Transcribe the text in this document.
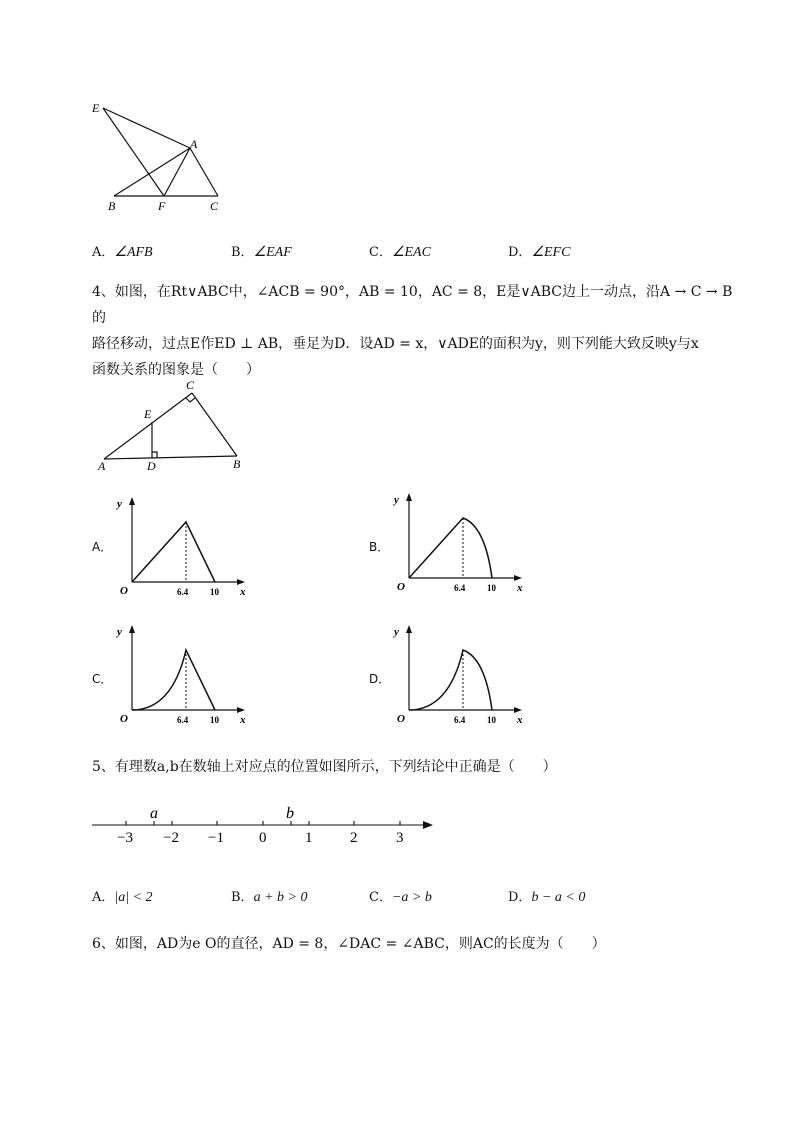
E
A
B	F	C
A．∠AFB	B．∠EAF	C．∠EAC	D．∠EFC
4、如图，在Rt∨ABC中，∠ACB = 90°，AB = 10，AC = 8，E是∨ABC边上一动点，沿A → C → B的
路径移动，过点E作ED ⊥ AB，垂足为D．设AD = x，∨ADE的面积为y，则下列能大致反映y与x
函数关系的图象是（　　）
C
E
A	D	B
A．
y
x
O	6.4 10
B．
y
x
O	6.4 10
C．
y
x
O	6.4 10
D．
y
x
O	6.4 10
5、有理数a,b在数轴上对应点的位置如图所示，下列结论中正确是（　　）
a	b
−3 −2 −1 0	1	2	3
A．|a| < 2	B．a + b > 0	C．−a > b	D．b − a < 0
6、如图，AD为e O的直径，AD = 8，∠DAC = ∠ABC，则AC的长度为（　　）
